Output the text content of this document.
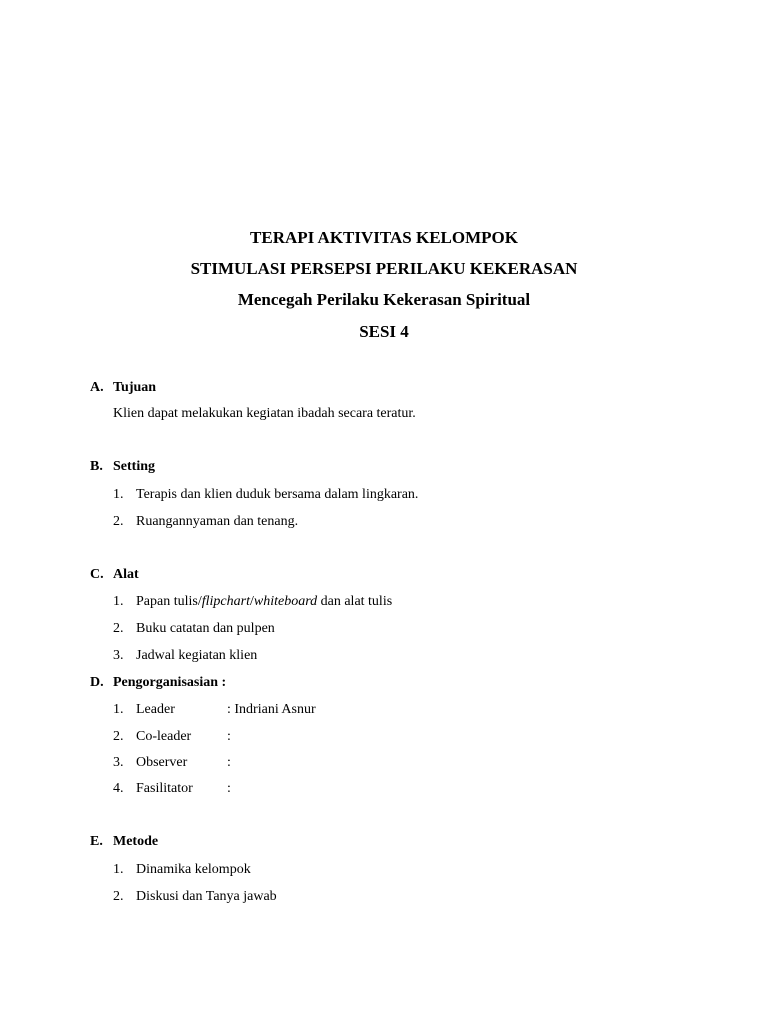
TERAPI AKTIVITAS KELOMPOK
STIMULASI PERSEPSI PERILAKU KEKERASAN
Mencegah Perilaku Kekerasan Spiritual
SESI 4
A. Tujuan
Klien dapat melakukan kegiatan ibadah secara teratur.
B. Setting
1. Terapis dan klien duduk bersama dalam lingkaran.
2. Ruangannyaman dan tenang.
C. Alat
1. Papan tulis/flipchart/whiteboard dan alat tulis
2. Buku catatan dan pulpen
3. Jadwal kegiatan klien
D. Pengorganisasian :
1. Leader	: Indriani Asnur
2. Co-leader	:
3. Observer	:
4. Fasilitator :
E. Metode
1. Dinamika kelompok
2. Diskusi dan Tanya jawab
